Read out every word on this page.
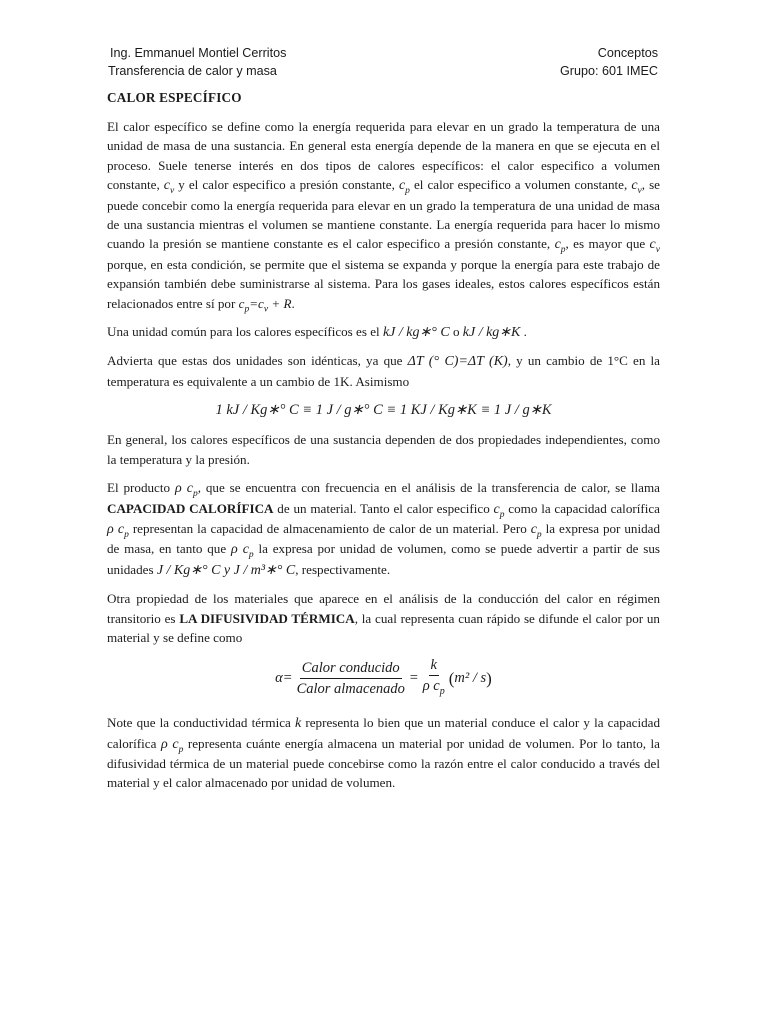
Ing. Emmanuel Montiel Cerritos	Conceptos
Transferencia de calor y masa	Grupo: 601 IMEC
CALOR ESPECÍFICO

El calor específico se define como la energía requerida para elevar en un grado la temperatura de una unidad de masa de una sustancia. En general esta energía depende de la manera en que se ejecuta en el proceso. Suele tenerse interés en dos tipos de calores específicos: el calor especifico a volumen constante, $c_v$ y el calor especifico a presión constante, $c_p$ el calor especifico a volumen constante, $c_v$, se puede concebir como la energía requerida para elevar en un grado la temperatura de una unidad de masa de una sustancia mientras el volumen se mantiene constante. La energía requerida para hacer lo mismo cuando la presión se mantiene constante es el calor especifico a presión constante, $c_p$, es mayor que $c_v$ porque, en esta condición, se permite que el sistema se expanda y porque la energía para este trabajo de expansión también debe suministrarse al sistema. Para los gases ideales, estos calores específicos están relacionados entre sí por $c_p=c_v + R$.

Una unidad común para los calores específicos es el kJ / kg∗° C o kJ / kg∗K .

Advierta que estas dos unidades son idénticas, ya que ΔT (° C)=ΔT (K), y un cambio de 1°C en la temperatura es equivalente a un cambio de 1K. Asimismo

1 kJ / Kg∗° C ≡ 1 J / g∗° C ≡ 1 KJ / Kg∗K ≡ 1 J / g∗K

En general, los calores específicos de una sustancia dependen de dos propiedades independientes, como la temperatura y la presión.

El producto ρ $c_p$, que se encuentra con frecuencia en el análisis de la transferencia de calor, se llama CAPACIDAD CALORÍFICA de un material. Tanto el calor especifico $c_p$ como la capacidad calorífica ρ $c_p$ representan la capacidad de almacenamiento de calor de un material. Pero $c_p$ la expresa por unidad de masa, en tanto que ρ $c_p$ la expresa por unidad de volumen, como se puede advertir a partir de sus unidades J / Kg∗° C y J / m³∗° C, respectivamente.

Otra propiedad de los materiales que aparece en el análisis de la conducción del calor en régimen transitorio es LA DIFUSIVIDAD TÉRMICA, la cual representa cuan rápido se difunde el calor por un material y se define como

$\alpha= \frac{\text{Calor conducido}}{\text{Calor almacenado}} = \frac{k}{\rho c_p}$ ( m² / s )

Note que la conductividad térmica k representa lo bien que un material conduce el calor y la capacidad calorífica ρ $c_p$ representa cuánte energía almacena un material por unidad de volumen. Por lo tanto, la difusividad térmica de un material puede concebirse como la razón entre el calor conducido a través del material y el calor almacenado por unidad de volumen.
